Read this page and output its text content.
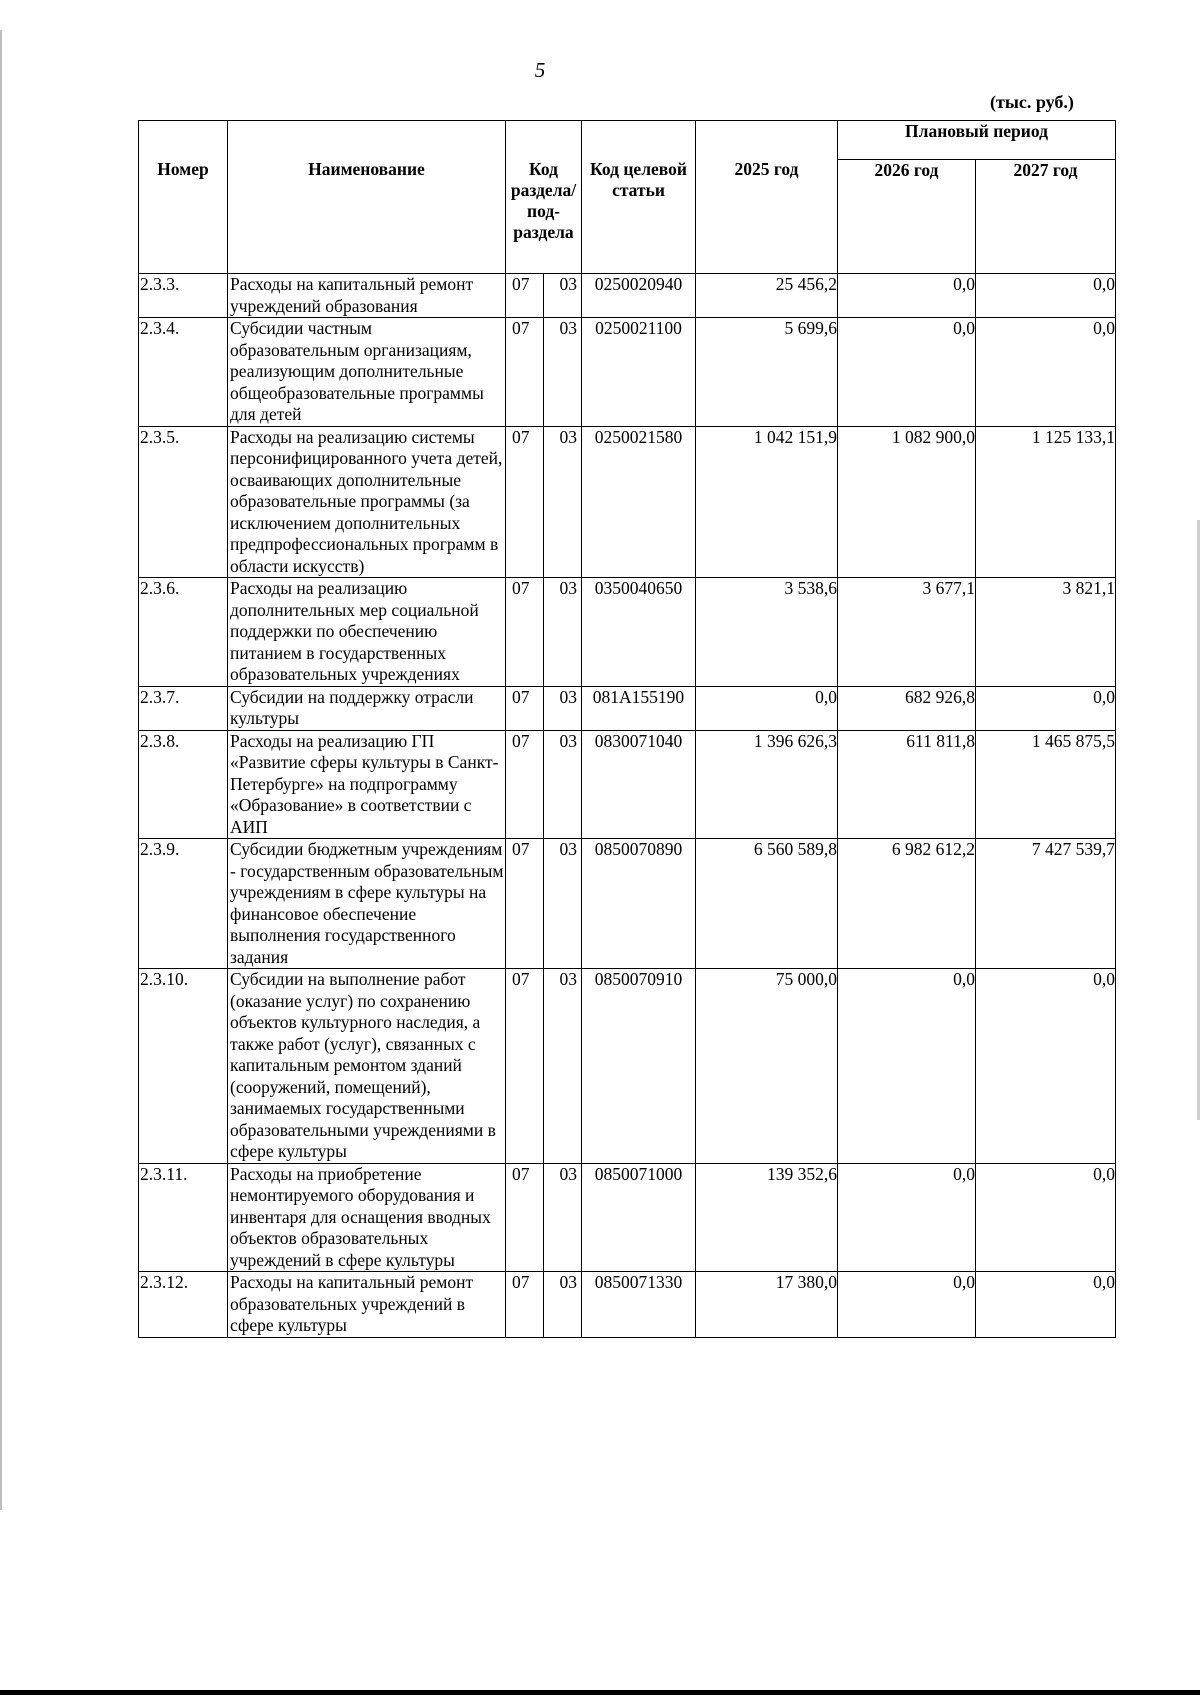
5
(тыс. руб.)
Номер	Наименование	Код раздела/ под-раздела		Код целевой статьи	2025 год	Плановый период	
						2026 год	2027 год
2.3.3.	Расходы на капитальный ремонт учреждений образования	07	03	0250020940	25 456,2	0,0	0,0
2.3.4.	Субсидии частным образовательным организациям, реализующим дополнительные общеобразовательные программы для детей	07	03	0250021100	5 699,6	0,0	0,0
2.3.5.	Расходы на реализацию системы персонифицированного учета детей, осваивающих дополнительные образовательные программы (за исключением дополнительных предпрофессиональных программ в области искусств)	07	03	0250021580	1 042 151,9	1 082 900,0	1 125 133,1
2.3.6.	Расходы на реализацию дополнительных мер социальной поддержки по обеспечению питанием в государственных образовательных учреждениях	07	03	0350040650	3 538,6	3 677,1	3 821,1
2.3.7.	Субсидии на поддержку отрасли культуры	07	03	081А155190	0,0	682 926,8	0,0
2.3.8.	Расходы на реализацию ГП «Развитие сферы культуры в Санкт-Петербурге» на подпрограмму «Образование» в соответствии с АИП	07	03	0830071040	1 396 626,3	611 811,8	1 465 875,5
2.3.9.	Субсидии бюджетным учреждениям - государственным образовательным учреждениям в сфере культуры на финансовое обеспечение выполнения государственного задания	07	03	0850070890	6 560 589,8	6 982 612,2	7 427 539,7
2.3.10.	Субсидии на выполнение работ (оказание услуг) по сохранению объектов культурного наследия, а также работ (услуг), связанных с капитальным ремонтом зданий (сооружений, помещений), занимаемых государственными образовательными учреждениями в сфере культуры	07	03	0850070910	75 000,0	0,0	0,0
2.3.11.	Расходы на приобретение немонтируемого оборудования и инвентаря для оснащения вводных объектов образовательных учреждений в сфере культуры	07	03	0850071000	139 352,6	0,0	0,0
2.3.12.	Расходы на капитальный ремонт образовательных учреждений в сфере культуры	07	03	0850071330	17 380,0	0,0	0,0
